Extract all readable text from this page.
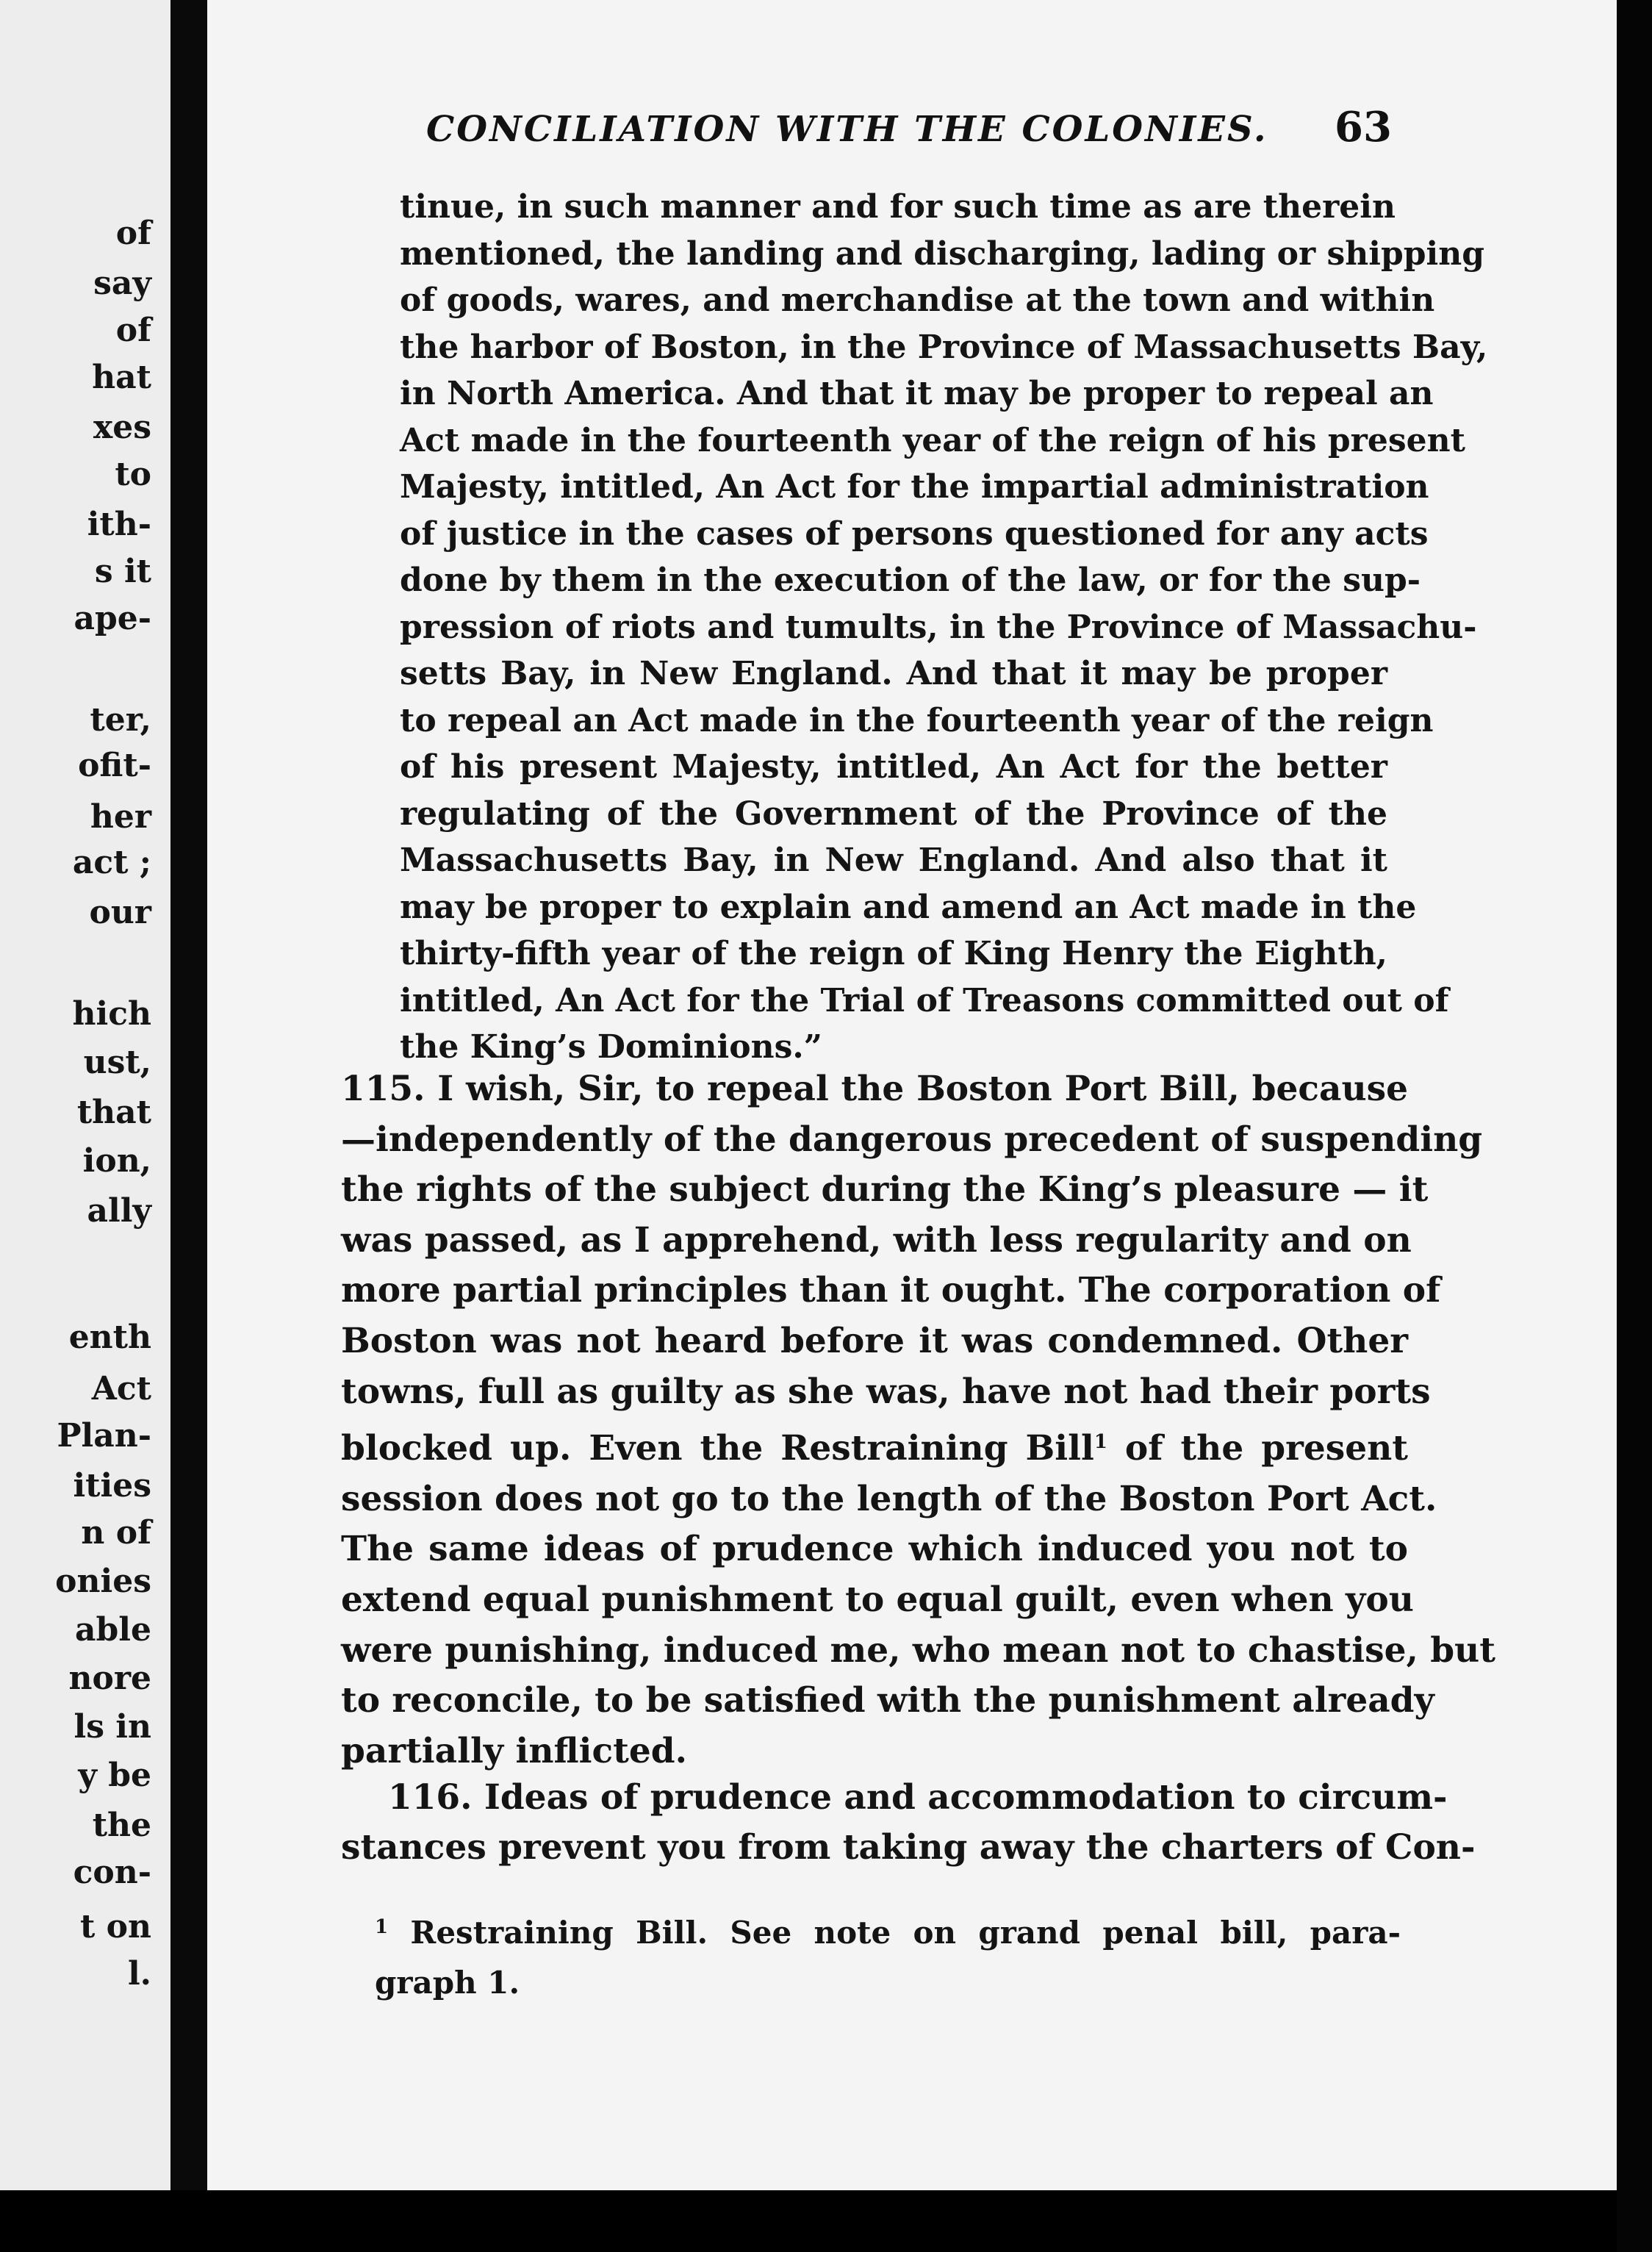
of
say
of
hat
xes
to
ith-
s it
ape-
ter,
ofit-
her
act ;
our
hich
ust,
that
ion,
ally
enth
Act
Plan-
ities
n of
onies
able
nore
ls in
y be
the
con-
t on
l.
CONCILIATION WITH THE COLONIES.	63
tinue, in such manner and for such time as are therein
mentioned, the landing and discharging, lading or shipping
of goods, wares, and merchandise at the town and within
the harbor of Boston, in the Province of Massachusetts Bay,
in North America. And that it may be proper to repeal an
Act made in the fourteenth year of the reign of his present
Majesty, intitled, An Act for the impartial administration
of justice in the cases of persons questioned for any acts
done by them in the execution of the law, or for the sup-
pression of riots and tumults, in the Province of Massachu-
setts Bay, in New England. And that it may be proper
to repeal an Act made in the fourteenth year of the reign
of his present Majesty, intitled, An Act for the better
regulating of the Government of the Province of the
Massachusetts Bay, in New England. And also that it
may be proper to explain and amend an Act made in the
thirty-fifth year of the reign of King Henry the Eighth,
intitled, An Act for the Trial of Treasons committed out of
the King’s Dominions.”
115. I wish, Sir, to repeal the Boston Port Bill, because
—independently of the dangerous precedent of suspending
the rights of the subject during the King’s pleasure — it
was passed, as I apprehend, with less regularity and on
more partial principles than it ought. The corporation of
Boston was not heard before it was condemned. Other
towns, full as guilty as she was, have not had their ports
blocked up. Even the Restraining Bill$^1$ of the present
session does not go to the length of the Boston Port Act.
The same ideas of prudence which induced you not to
extend equal punishment to equal guilt, even when you
were punishing, induced me, who mean not to chastise, but
to reconcile, to be satisfied with the punishment already
partially inflicted.
116. Ideas of prudence and accommodation to circum-
stances prevent you from taking away the charters of Con-
$^1$ Restraining Bill. See note on grand penal bill, para-
graph 1.
